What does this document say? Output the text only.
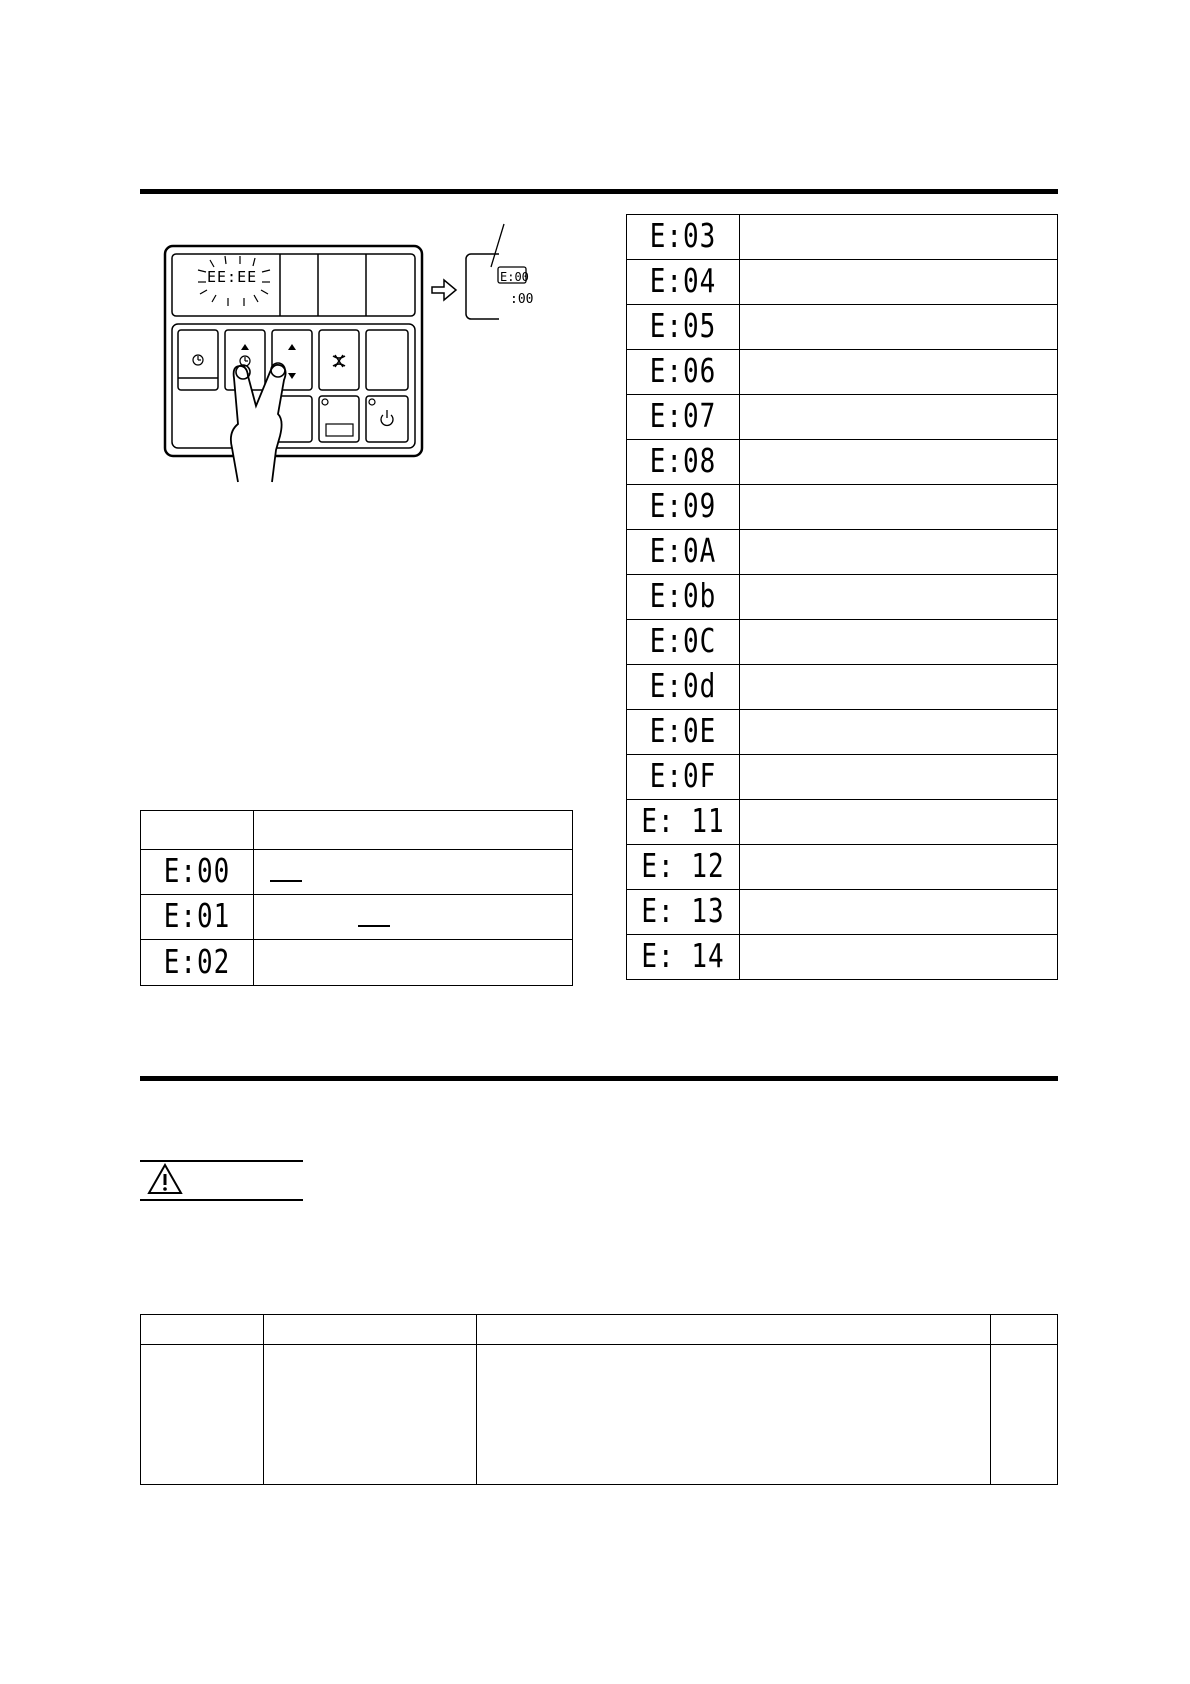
EE:EE	E:00
:00

E:00	

E:01	

E:02	
E:03	
E:04	
E:05	
E:06	
E:07	
E:08	
E:09	
E:0A	
E:0b	
E:0C	
E:0d	
E:0E	
E:0F	
E: 11	
E: 12	
E: 13	
E: 14	
